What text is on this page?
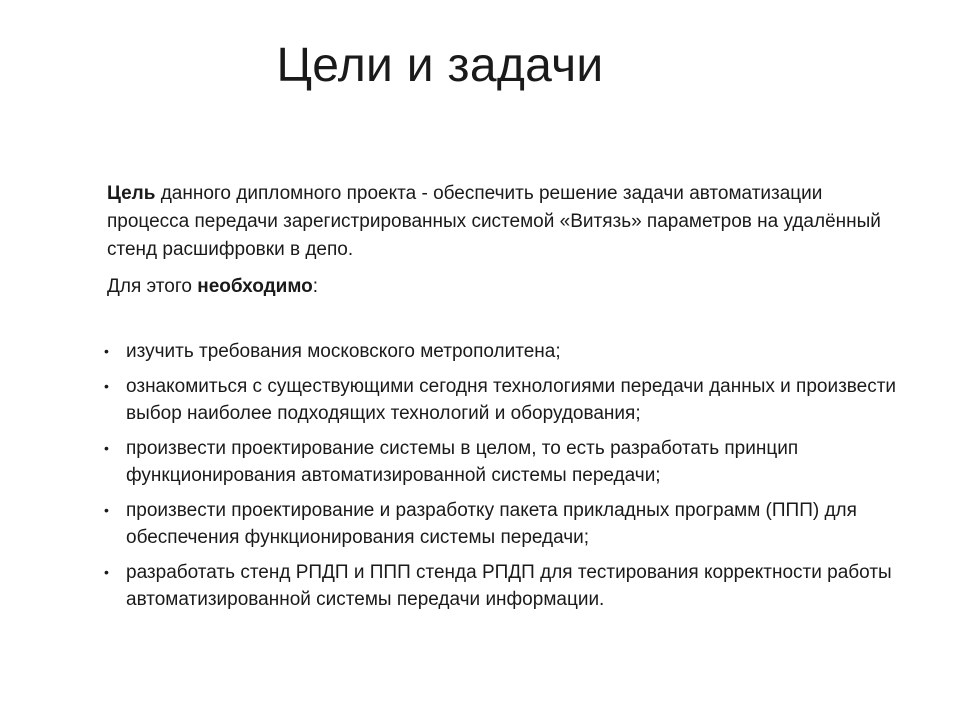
Цели и задачи

Цель данного дипломного проекта - обеспечить решение задачи автоматизации процесса передачи зарегистрированных системой «Витязь» параметров на удалённый стенд расшифровки в депо.

Для этого необходимо:

• изучить требования московского метрополитена;
• ознакомиться с существующими сегодня технологиями передачи данных и произвести выбор наиболее подходящих технологий и оборудования;
• произвести проектирование системы в целом, то есть разработать принцип функционирования автоматизированной системы передачи;
• произвести проектирование и разработку пакета прикладных программ (ППП) для обеспечения функционирования системы передачи;
• разработать стенд РПДП и ППП стенда РПДП для тестирования корректности работы автоматизированной системы передачи информации.
